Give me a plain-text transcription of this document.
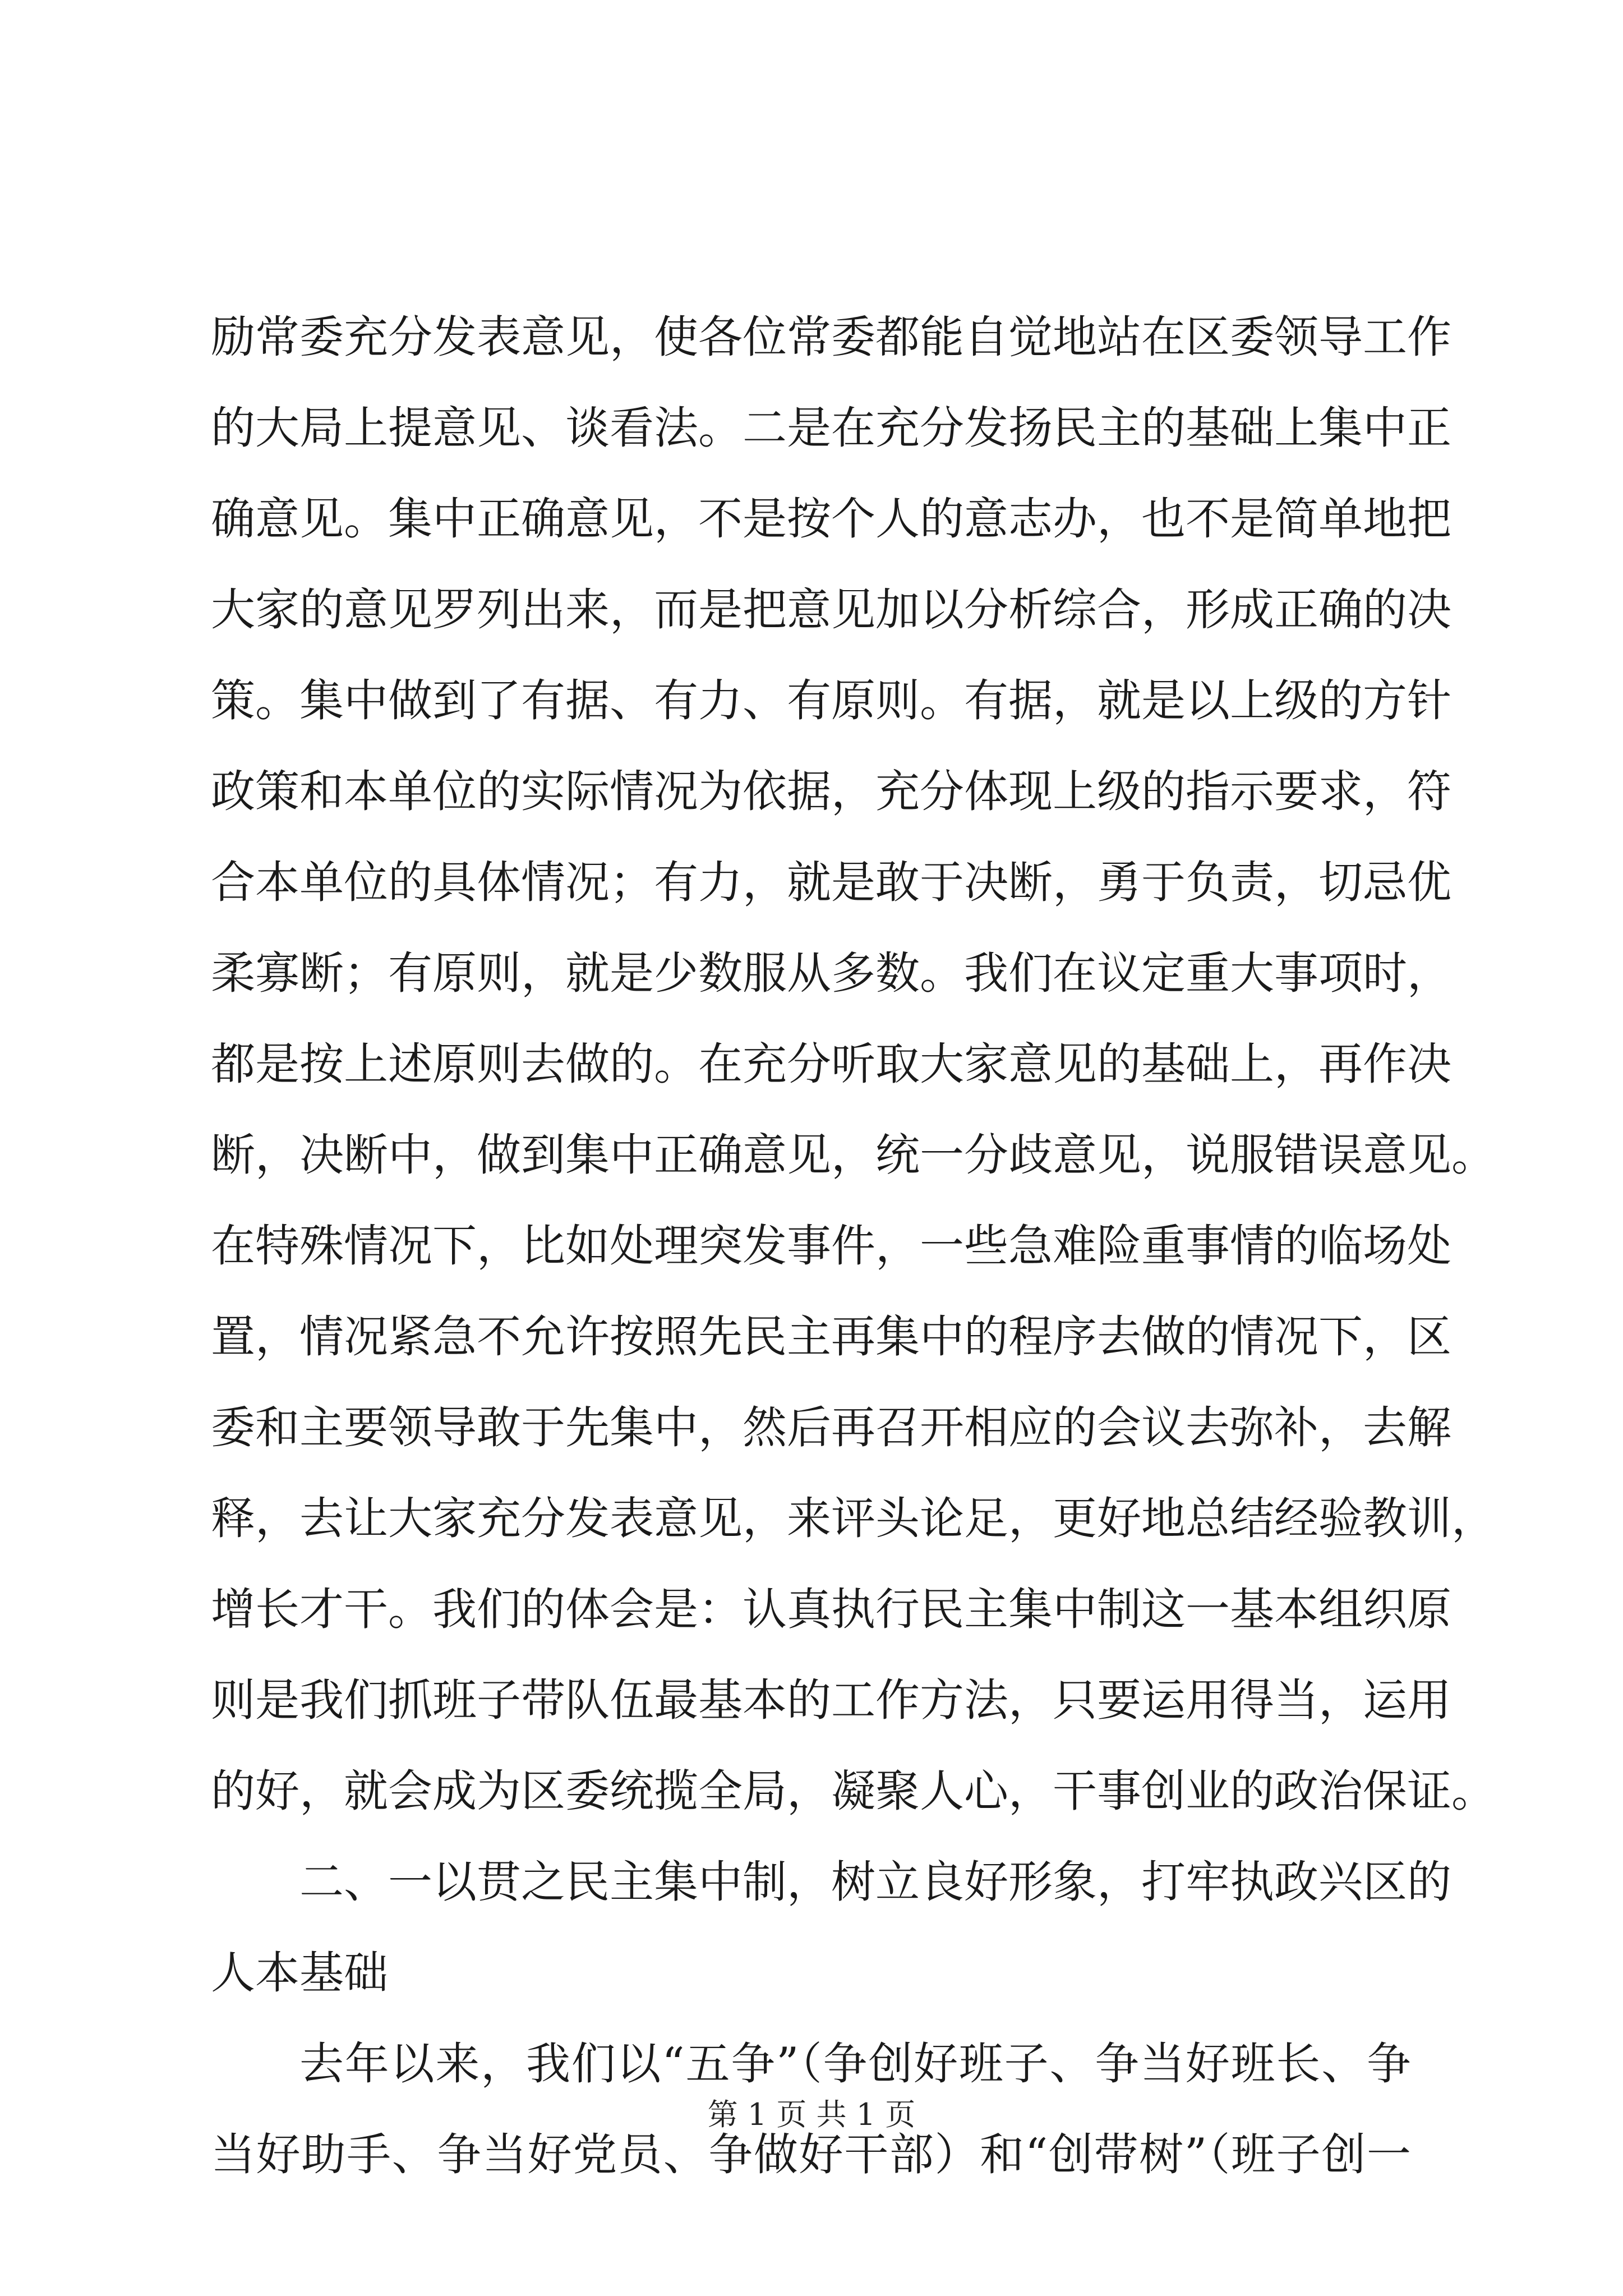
励常委充分发表意见，使各位常委都能自觉地站在区委领导工作
的大局上提意见、谈看法。二是在充分发扬民主的基础上集中正
确意见。集中正确意见，不是按个人的意志办，也不是简单地把
大家的意见罗列出来，而是把意见加以分析综合，形成正确的决
策。集中做到了有据、有力、有原则。有据，就是以上级的方针
政策和本单位的实际情况为依据，充分体现上级的指示要求，符
合本单位的具体情况；有力，就是敢于决断，勇于负责，切忌优
柔寡断；有原则，就是少数服从多数。我们在议定重大事项时，
都是按上述原则去做的。在充分听取大家意见的基础上，再作决
断，决断中，做到集中正确意见，统一分歧意见，说服错误意见。
在特殊情况下，比如处理突发事件，一些急难险重事情的临场处
置，情况紧急不允许按照先民主再集中的程序去做的情况下，区
委和主要领导敢于先集中，然后再召开相应的会议去弥补，去解
释，去让大家充分发表意见，来评头论足，更好地总结经验教训，
增长才干。我们的体会是：认真执行民主集中制这一基本组织原
则是我们抓班子带队伍最基本的工作方法，只要运用得当，运用
的好，就会成为区委统揽全局，凝聚人心，干事创业的政治保证。
二、一以贯之民主集中制，树立良好形象，打牢执政兴区的
人本基础
去年以来，我们以“五争”（争创好班子、争当好班长、争
当好助手、争当好党员、争做好干部）和“创带树”（班子创一
第 1 页 共 1 页
